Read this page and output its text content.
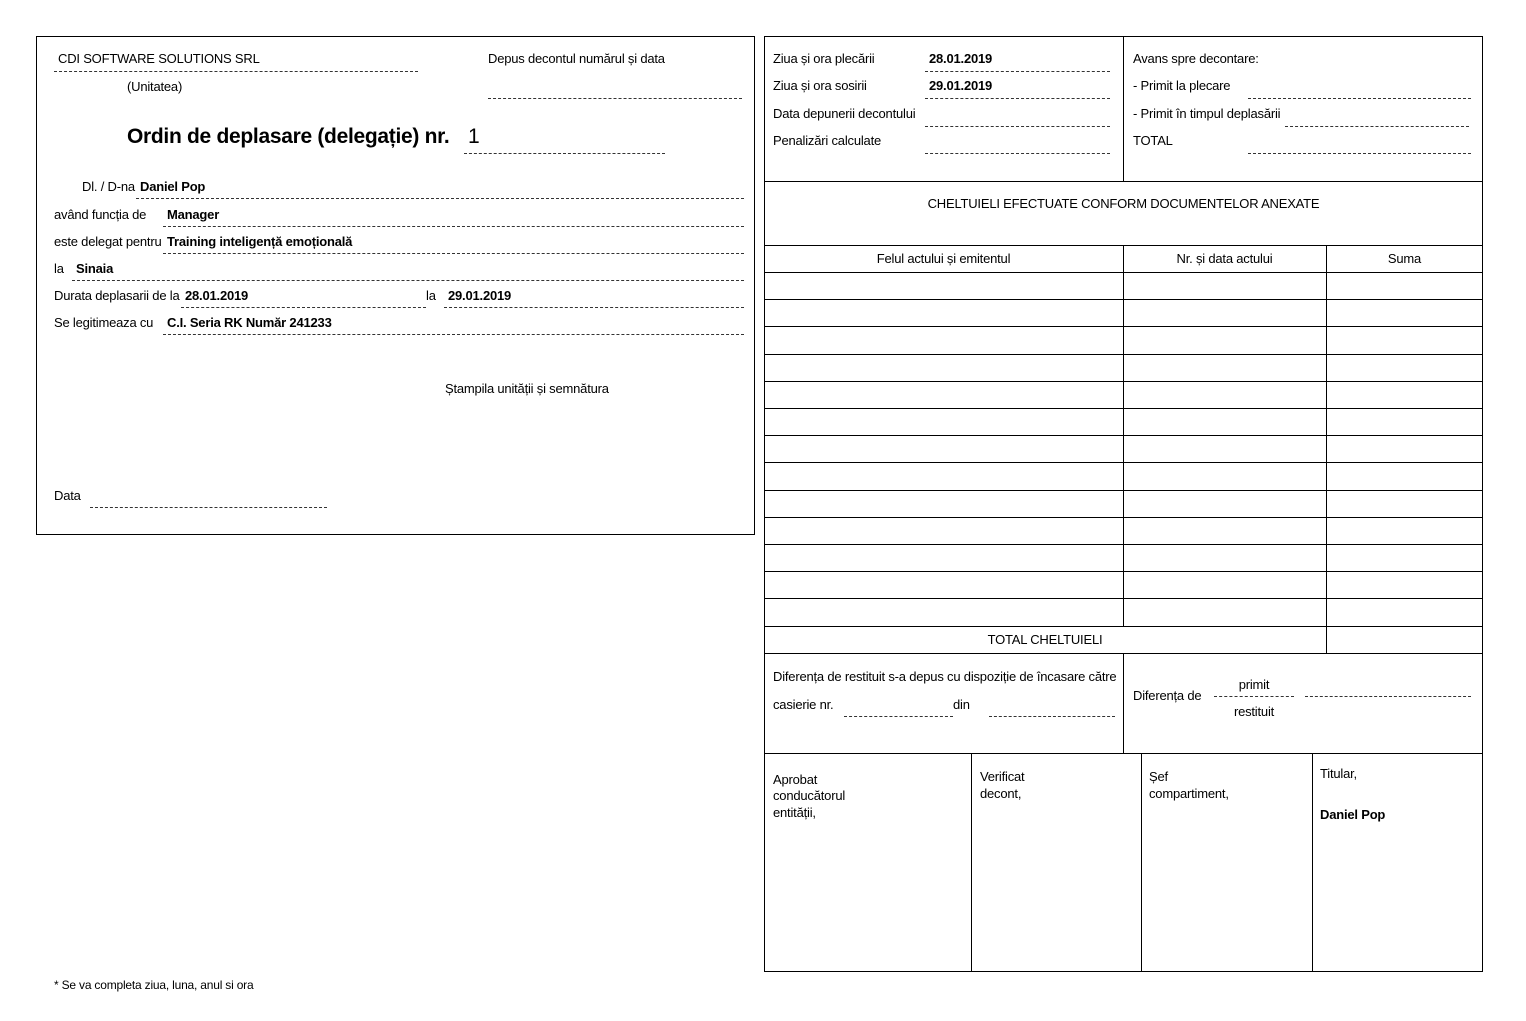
CDI SOFTWARE SOLUTIONS SRL
(Unitatea)
Depus decontul numărul și data
Ordin de deplasare (delegație) nr. 1
Dl. / D-na Daniel Pop
având funcția de Manager
este delegat pentru Training inteligență emoțională
la Sinaia
Durata deplasarii de la 28.01.2019	la 29.01.2019
Se legitimeaza cu C.I. Seria RK Număr 241233
Ștampila unității și semnătura
Data
* Se va completa ziua, luna, anul si ora
Ziua și ora plecării	28.01.2019
Ziua și ora sosirii	29.01.2019
Data depunerii decontului
Penalizări calculate
Avans spre decontare:
- Primit la plecare
- Primit în timpul deplasării
TOTAL
CHELTUIELI EFECTUATE CONFORM DOCUMENTELOR ANEXATE
Felul actului și emitentul	Nr. și data actului	Suma
TOTAL CHELTUIELI
Diferența de restituit s-a depus cu dispoziție de încasare către
casierie nr.	din
Diferența de
primit
restituit
Aprobat
conducătorul
entității,
Verificat
decont,
Șef
compartiment,
Titular,
Daniel Pop
